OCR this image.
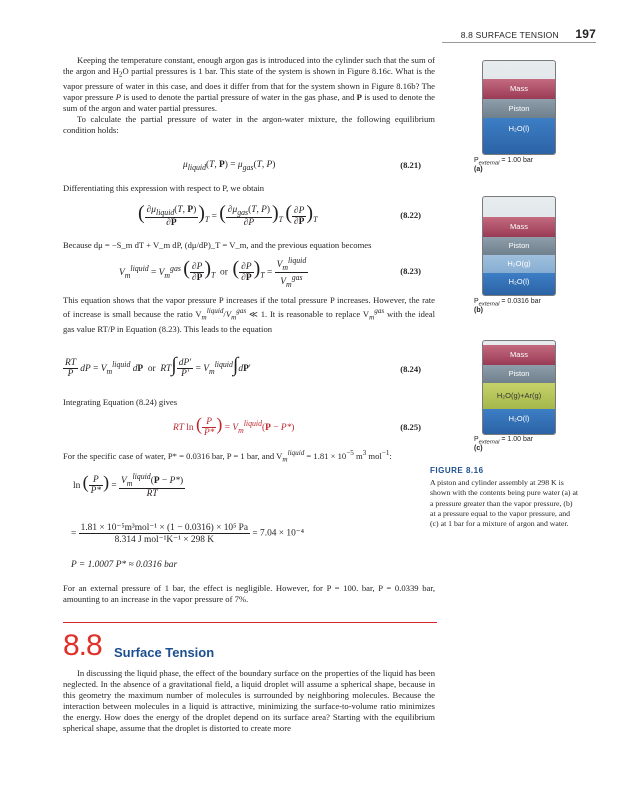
8.8 SURFACE TENSION 197

Keeping the temperature constant, enough argon gas is introduced into the cylinder such that the sum of the argon and $H_2O$ partial pressures is 1 bar. This state of the system is shown in Figure 8.16c. What is the vapor pressure of water in this case, and does it differ from that for the system shown in Figure 8.16b? The vapor pressure P is used to denote the partial pressure of water in the gas phase, and P is used to denote the sum of the argon and water partial pressures.

To calculate the partial pressure of water in the argon-water mixture, the following equilibrium condition holds:

$\mu_{liquid}(T$, $P) = \mu_{gas}(T$, P)	(8.21)

Differentiating this expression with respect to P, we obtain

( $\frac{\partial\mu_{liquid}(T, P)}{\partial P} )_T$ = ( $\frac{\partial\mu_{gas}(T, P)}{\partial P} )_T$ ( $\frac{\partial P}{\partial P} )_T$	(8.22)

Because dμ = −S_m dT + V_m dP, (dμ/dP)_T = V_m, and the previous equation becomes

$V_m^{liquid} = V_m^{gas}$ ( $\frac{\partial P}{\partial P} )_T$ or ( $\frac{\partial P}{\partial P} )_T = \frac{V_m^{liquid}}{V_m^{gas}}$	(8.23)

This equation shows that the vapor pressure P increases if the total pressure P increases. However, the rate of increase is small because the ratio $V_m^{liquid}/V_m^{gas}$ ≪ 1. It is reasonable to replace $V_m^{gas}$ with the ideal gas value RT/P in Equation (8.23). This leads to the equation

$\frac{RT}{P}$ dP = $V_m^{liquid}$ dP or $RT\int \frac{dP'}{P'} = V_m^{liquid}\int dP'$	(8.24)

Integrating Equation (8.24) gives

RT ln ( $\frac{P}{P*}$ ) = $V_m^{liquid}(P - P*)$	(8.25)

For the specific case of water, P* = 0.0316 bar, P = 1 bar, and $V_m^{liquid} = 1.81 \times 10^{-5}$ $m^3$ mol$^{-1}$:

ln ( $\frac{P}{P*}$ ) = $\frac{V_m^{liquid}(P - P*)}{RT}$
= $\frac{\text{1.81 × 10⁻⁵m³mol⁻¹ × (1 − 0.0316) × 10⁵ Pa}}{\text{8.314 J mol⁻¹K⁻¹ × 298 K}} = 7.04 \times 10^{-4}$
P = 1.0007 P* ≈ 0.0316 bar

For an external pressure of 1 bar, the effect is negligible. However, for P = 100. bar, P = 0.0339 bar, amounting to an increase in the vapor pressure of 7%.

8.8 Surface Tension

In discussing the liquid phase, the effect of the boundary surface on the properties of the liquid has been neglected. In the absence of a gravitational field, a liquid droplet will assume a spherical shape, because in this geometry the maximum number of molecules is surrounded by neighboring molecules. Because the interaction between molecules in a liquid is attractive, minimizing the surface-to-volume ratio minimizes the energy. How does the energy of the droplet depend on its surface area? Starting with the equilibrium spherical shape, assume that the droplet is distorted to create more

Mass
Piston
H₂O(l)
$P_{external} = 1.00$ bar
(a)
Mass
Piston
H₂O(g)
H₂O(l)
$P_{external} = 0.0316$ bar
(b)
Mass
Piston
H₂O(g)+Ar(g)
H₂O(l)
$P_{external} = 1.00$ bar
(c)
FIGURE 8.16
A piston and cylinder assembly at 298 K is shown with the contents being pure water (a) at a pressure greater than the vapor pressure, (b) at a pressure equal to the vapor pressure, and (c) at 1 bar for a mixture of argon and water.
